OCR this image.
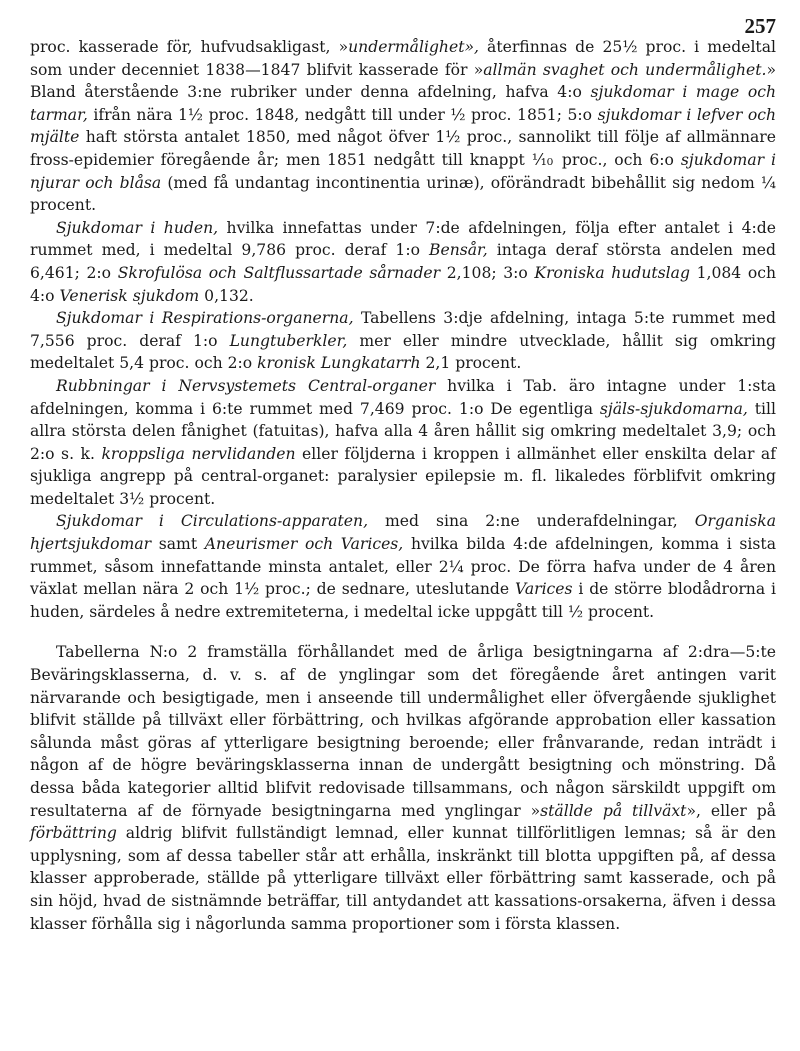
257

proc. kasserade för, hufvudsakligast, »undermålighet», återfinnas de 25½ proc. i medeltal som under decenniet 1838—1847 blifvit kasserade för »allmän svaghet och undermålighet.» Bland återstående 3:ne rubriker under denna afdelning, hafva 4:o sjukdomar i mage och tarmar, ifrån nära 1½ proc. 1848, nedgått till under ½ proc. 1851; 5:o sjukdomar i lefver och mjälte haft största antalet 1850, med något öfver 1½ proc., sannolikt till följe af allmännare fross-epidemier föregående år; men 1851 nedgått till knappt ⅒ proc., och 6:o sjukdomar i njurar och blåsa (med få undantag incontinentia urinæ), oförändradt bibehållit sig nedom ¼ procent.

Sjukdomar i huden, hvilka innefattas under 7:de afdelningen, följa efter antalet i 4:de rummet med, i medeltal 9,786 proc. deraf 1:o Bensår, intaga deraf största andelen med 6,461; 2:o Skrofulösa och Saltflussartade sårnader 2,108; 3:o Kroniska hudutslag 1,084 och 4:o Venerisk sjukdom 0,132.

Sjukdomar i Respirations-organerna, Tabellens 3:dje afdelning, intaga 5:te rummet med 7,556 proc. deraf 1:o Lungtuberkler, mer eller mindre utvecklade, hållit sig omkring medeltalet 5,4 proc. och 2:o kronisk Lungkatarrh 2,1 procent.

Rubbningar i Nervsystemets Central-organer hvilka i Tab. äro intagne under 1:sta afdelningen, komma i 6:te rummet med 7,469 proc. 1:o De egentliga själs-sjukdomarna, till allra största delen fånighet (fatuitas), hafva alla 4 åren hållit sig omkring medeltalet 3,9; och 2:o s. k. kroppsliga nervlidanden eller följderna i kroppen i allmänhet eller enskilta delar af sjukliga angrepp på central-organet: paralysier epilepsie m. fl. likaledes förblifvit omkring medeltalet 3½ procent.

Sjukdomar i Circulations-apparaten, med sina 2:ne underafdelningar, Organiska hjertsjukdomar samt Aneurismer och Varices, hvilka bilda 4:de afdelningen, komma i sista rummet, såsom innefattande minsta antalet, eller 2¼ proc. De förra hafva under de 4 åren växlat mellan nära 2 och 1½ proc.; de sednare, uteslutande Varices i de större blodådrorna i huden, särdeles å nedre extremiteterna, i medeltal icke uppgått till ½ procent.

Tabellerna N:o 2 framställa förhållandet med de årliga besigtningarna af 2:dra—5:te Beväringsklasserna, d. v. s. af de ynglingar som det föregående året antingen varit närvarande och besigtigade, men i anseende till undermålighet eller öfvergående sjuklighet blifvit ställde på tillväxt eller förbättring, och hvilkas afgörande approbation eller kassation sålunda måst göras af ytterligare besigtning beroende; eller frånvarande, redan inträdt i någon af de högre beväringsklasserna innan de undergått besigtning och mönstring. Då dessa båda kategorier alltid blifvit redovisade tillsammans, och någon särskildt uppgift om resultaterna af de förnyade besigtningarna med ynglingar »ställde på tillväxt», eller på förbättring aldrig blifvit fullständigt lemnad, eller kunnat tillförlitligen lemnas; så är den upplysning, som af dessa tabeller står att erhålla, inskränkt till blotta uppgiften på, af dessa klasser approberade, ställde på ytterligare tillväxt eller förbättring samt kasserade, och på sin höjd, hvad de sistnämnde beträffar, till antydandet att kassations-orsakerna, äfven i dessa klasser förhålla sig i någorlunda samma proportioner som i första klassen.
